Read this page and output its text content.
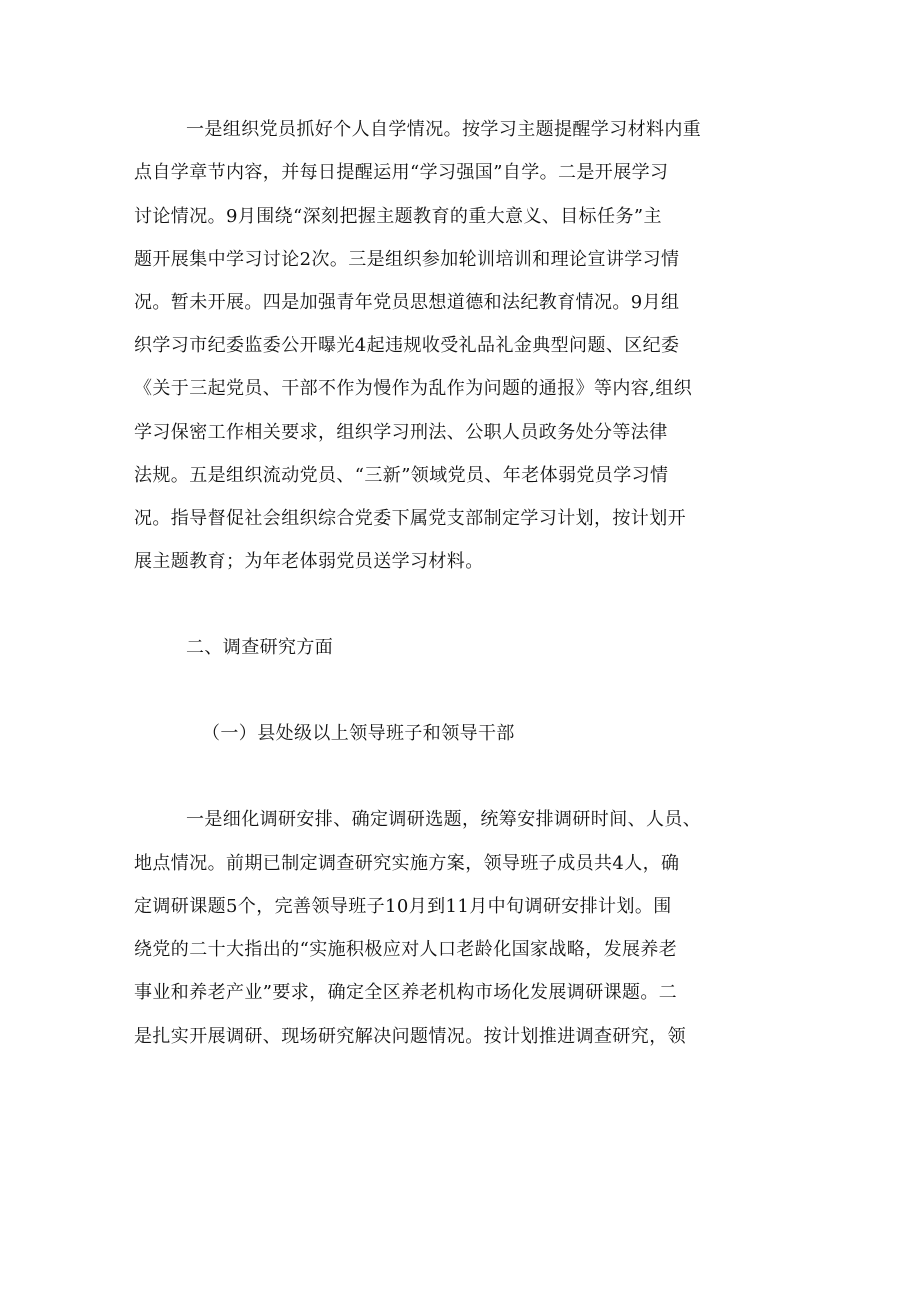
一是组织党员抓好个人自学情况。按学习主题提醒学习材料内重
点自学章节内容，并每日提醒运用“学习强国”自学。二是开展学习
讨论情况。9月围绕“深刻把握主题教育的重大意义、目标任务”主
题开展集中学习讨论2次。三是组织参加轮训培训和理论宣讲学习情
况。暂未开展。四是加强青年党员思想道德和法纪教育情况。9月组
织学习市纪委监委公开曝光4起违规收受礼品礼金典型问题、区纪委
《关于三起党员、干部不作为慢作为乱作为问题的通报》等内容,组织
学习保密工作相关要求，组织学习刑法、公职人员政务处分等法律
法规。五是组织流动党员、“三新”领域党员、年老体弱党员学习情
况。指导督促社会组织综合党委下属党支部制定学习计划，按计划开
展主题教育；为年老体弱党员送学习材料。
二、调查研究方面
（一）县处级以上领导班子和领导干部
一是细化调研安排、确定调研选题，统筹安排调研时间、人员、
地点情况。前期已制定调查研究实施方案，领导班子成员共4人，确
定调研课题5个，完善领导班子10月到11月中旬调研安排计划。围
绕党的二十大指出的“实施积极应对人口老龄化国家战略，发展养老
事业和养老产业”要求，确定全区养老机构市场化发展调研课题。二
是扎实开展调研、现场研究解决问题情况。按计划推进调查研究，领
